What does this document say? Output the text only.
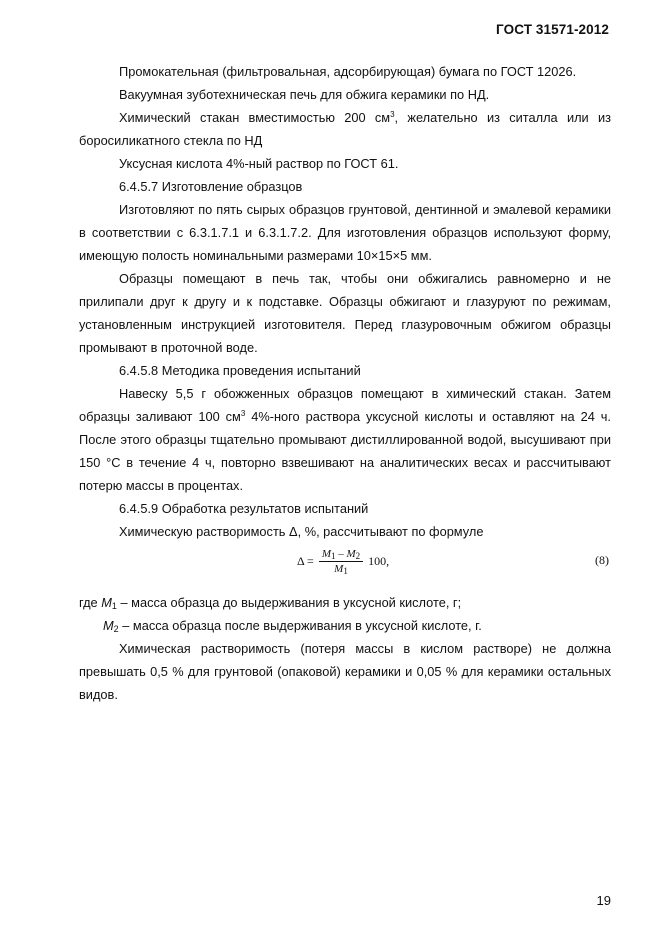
ГОСТ 31571-2012

Промокательная (фильтровальная, адсорбирующая) бумага по ГОСТ 12026.

Вакуумная зуботехническая печь для обжига керамики по НД.

Химический стакан вместимостью 200 $см^3$, желательно из ситалла или из боросиликатного стекла по НД

Уксусная кислота 4%-ный раствор по ГОСТ 61.

6.4.5.7 Изготовление образцов

Изготовляют по пять сырых образцов грунтовой, дентинной и эмалевой керамики в соответствии с 6.3.1.7.1 и 6.3.1.7.2. Для изготовления образцов используют форму, имеющую полость номинальными размерами 10×15×5 мм.

Образцы помещают в печь так, чтобы они обжигались равномерно и не прилипали друг к другу и к подставке. Образцы обжигают и глазуруют по режимам, установленным инструкцией изготовителя. Перед глазуровочным обжигом образцы промывают в проточной воде.

6.4.5.8 Методика проведения испытаний

Навеску 5,5 г обожженных образцов помещают в химический стакан. Затем образцы заливают 100 $см^3$ 4%-ного раствора уксусной кислоты и оставляют на 24 ч. После этого образцы тщательно промывают дистиллированной водой, высушивают при 150 °С в течение 4 ч, повторно взвешивают на аналитических весах и рассчитывают потерю массы в процентах.

6.4.5.9 Обработка результатов испытаний

Химическую растворимость Δ, %, рассчитывают по формуле

$\Delta = \frac{M_1 - M_2}{M_1} 100$,	(8)

где $M_1$ – масса образца до выдерживания в уксусной кислоте, г;

$M_2$ – масса образца после выдерживания в уксусной кислоте, г.

Химическая растворимость (потеря массы в кислом растворе) не должна превышать 0,5 % для грунтовой (опаковой) керамики и 0,05 % для керамики остальных видов.

19
